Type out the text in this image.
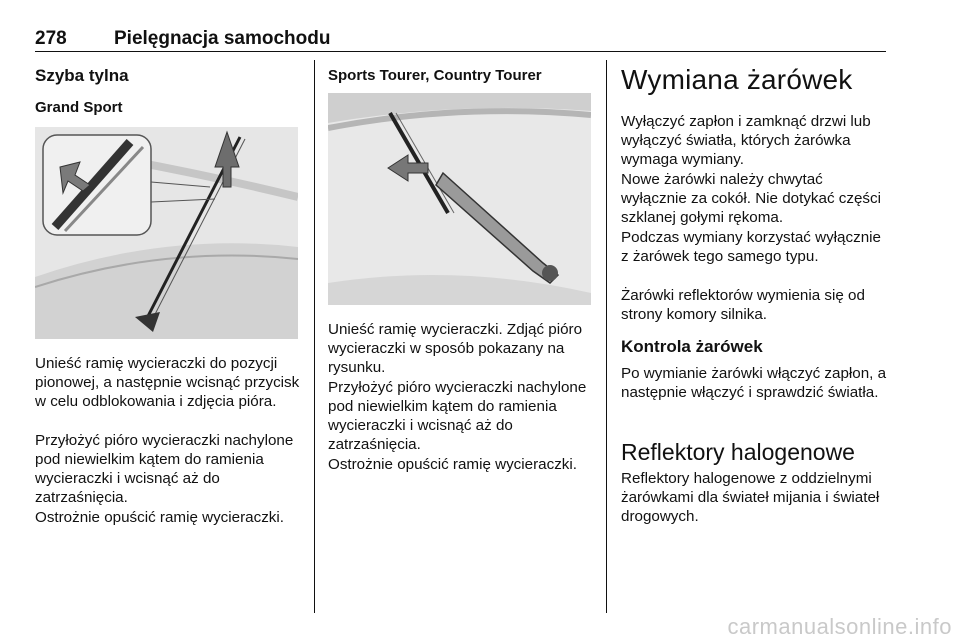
278 Pielęgnacja samochodu
Szyba tylna
Grand Sport

Unieść ramię wycieraczki do pozycji pionowej, a następnie wcisnąć przycisk w celu odblokowania i zdjęcia pióra.

Przyłożyć pióro wycieraczki nachylone pod niewielkim kątem do ramienia wycieraczki i wcisnąć aż do zatrzaśnięcia.

Ostrożnie opuścić ramię wycieraczki.

Sports Tourer, Country Tourer

Unieść ramię wycieraczki. Zdjąć pióro wycieraczki w sposób pokazany na rysunku.

Przyłożyć pióro wycieraczki nachylone pod niewielkim kątem do ramienia wycieraczki i wcisnąć aż do zatrzaśnięcia.

Ostrożnie opuścić ramię wycieraczki.

Wymiana żarówek

Wyłączyć zapłon i zamknąć drzwi lub wyłączyć światła, których żarówka wymaga wymiany.

Nowe żarówki należy chwytać wyłącznie za cokół. Nie dotykać części szklanej gołymi rękoma.

Podczas wymiany korzystać wyłącznie z żarówek tego samego typu.

Żarówki reflektorów wymienia się od strony komory silnika.

Kontrola żarówek

Po wymianie żarówki włączyć zapłon, a następnie włączyć i sprawdzić światła.

Reflektory halogenowe

Reflektory halogenowe z oddzielnymi żarówkami dla świateł mijania i świateł drogowych.

carmanualsonline.info
